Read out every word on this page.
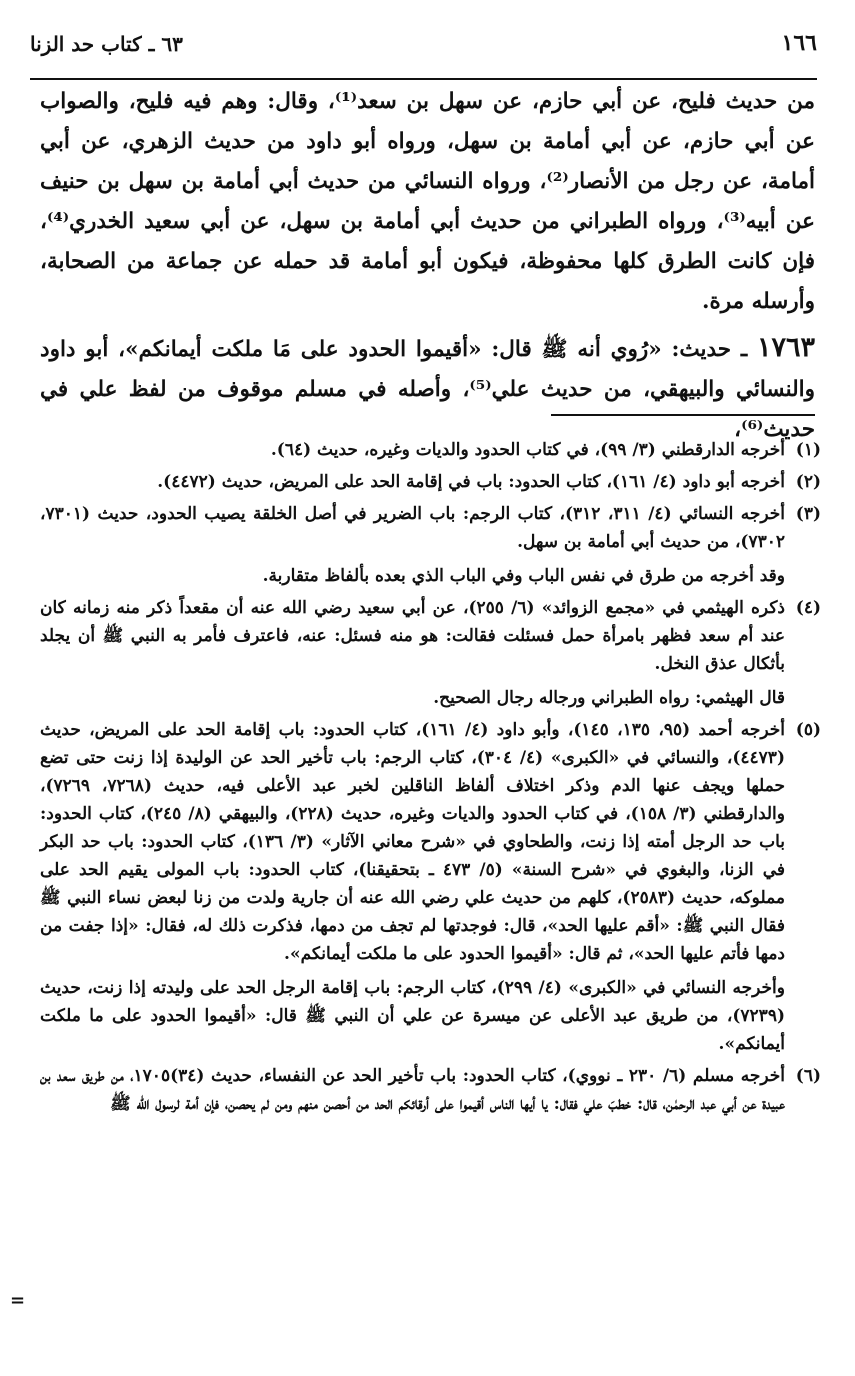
٦٣ ـ كتاب حد الزنا	١٦٦

من حديث فليح، عن أبي حازم، عن سهل بن سعد⁽¹⁾، وقال: وهم فيه فليح، والصواب عن أبي حازم، عن أبي أمامة بن سهل، ورواه أبو داود من حديث الزهري، عن أبي أمامة، عن رجل من الأنصار⁽²⁾، ورواه النسائي من حديث أبي أمامة بن سهل بن حنيف عن أبيه⁽³⁾، ورواه الطبراني من حديث أبي أمامة بن سهل، عن أبي سعيد الخدري⁽⁴⁾، فإن كانت الطرق كلها محفوظة، فيكون أبو أمامة قد حمله عن جماعة من الصحابة، وأرسله مرة.

١٧٦٣ ـ حديث: «رُوي أنه ﷺ قال: «أقيموا الحدود على مَا ملكت أيمانكم»، أبو داود والنسائي والبيهقي، من حديث علي⁽⁵⁾، وأصله في مسلم موقوف من لفظ علي في حديث⁽⁶⁾،

(١)
أخرجه الدارقطني (٣/ ٩٩)، في كتاب الحدود والديات وغيره، حديث (٦٤).
(٢)
أخرجه أبو داود (٤/ ١٦١)، كتاب الحدود: باب في إقامة الحد على المريض، حديث (٤٤٧٢).
(٣)
أخرجه النسائي (٤/ ٣١١، ٣١٢)، كتاب الرجم: باب الضرير في أصل الخلقة يصيب الحدود، حديث (٧٣٠١، ٧٣٠٢)، من حديث أبي أمامة بن سهل.
وقد أخرجه من طرق في نفس الباب وفي الباب الذي بعده بألفاظ متقاربة.
(٤)
ذكره الهيثمي في «مجمع الزوائد» (٦/ ٢٥٥)، عن أبي سعيد رضي الله عنه أن مقعداً ذكر منه زمانه كان عند أم سعد فظهر بامرأة حمل فسئلت فقالت: هو منه فسئل: عنه، فاعترف فأمر به النبي ﷺ أن يجلد بأثكال عذق النخل.
قال الهيثمي: رواه الطبراني ورجاله رجال الصحيح.
(٥)
أخرجه أحمد (٩٥، ١٣٥، ١٤٥)، وأبو داود (٤/ ١٦١)، كتاب الحدود: باب إقامة الحد على المريض، حديث (٤٤٧٣)، والنسائي في «الكبرى» (٤/ ٣٠٤)، كتاب الرجم: باب تأخير الحد عن الوليدة إذا زنت حتى تضع حملها ويجف عنها الدم وذكر اختلاف ألفاظ الناقلين لخبر عبد الأعلى فيه، حديث (٧٢٦٨، ٧٢٦٩)، والدارقطني (٣/ ١٥٨)، في كتاب الحدود والديات وغيره، حديث (٢٢٨)، والبيهقي (٨/ ٢٤٥)، كتاب الحدود: باب حد الرجل أمته إذا زنت، والطحاوي في «شرح معاني الآثار» (٣/ ١٣٦)، كتاب الحدود: باب حد البكر في الزنا، والبغوي في «شرح السنة» (٥/ ٤٧٣ ـ بتحقيقنا)، كتاب الحدود: باب المولى يقيم الحد على مملوكه، حديث (٢٥٨٣)، كلهم من حديث علي رضي الله عنه أن جارية ولدت من زنا لبعض نساء النبي ﷺ فقال النبي ﷺ: «أقم عليها الحد»، قال: فوجدتها لم تجف من دمها، فذكرت ذلك له، فقال: «إذا جفت من دمها فأتم عليها الحد»، ثم قال: «أقيموا الحدود على ما ملكت أيمانكم».
وأخرجه النسائي في «الكبرى» (٤/ ٢٩٩)، كتاب الرجم: باب إقامة الرجل الحد على وليدته إذا زنت، حديث (٧٢٣٩)، من طريق عبد الأعلى عن ميسرة عن علي أن النبي ﷺ قال: «أقيموا الحدود على ما ملكت أيمانكم».
(٦)
أخرجه مسلم (٦/ ٢٣٠ ـ نووي)، كتاب الحدود: باب تأخير الحد عن النفساء، حديث (٣٤)١٧٠٥، من طريق سعد بن عبيدة عن أبي عبد الرحمٰن، قال: خطبَ علي فقال: يا أيها الناس أقيموا على أرقائكم الحد من أحصن منهم ومن لم يحصن، فإن أمة لرسول الله ﷺ
=
